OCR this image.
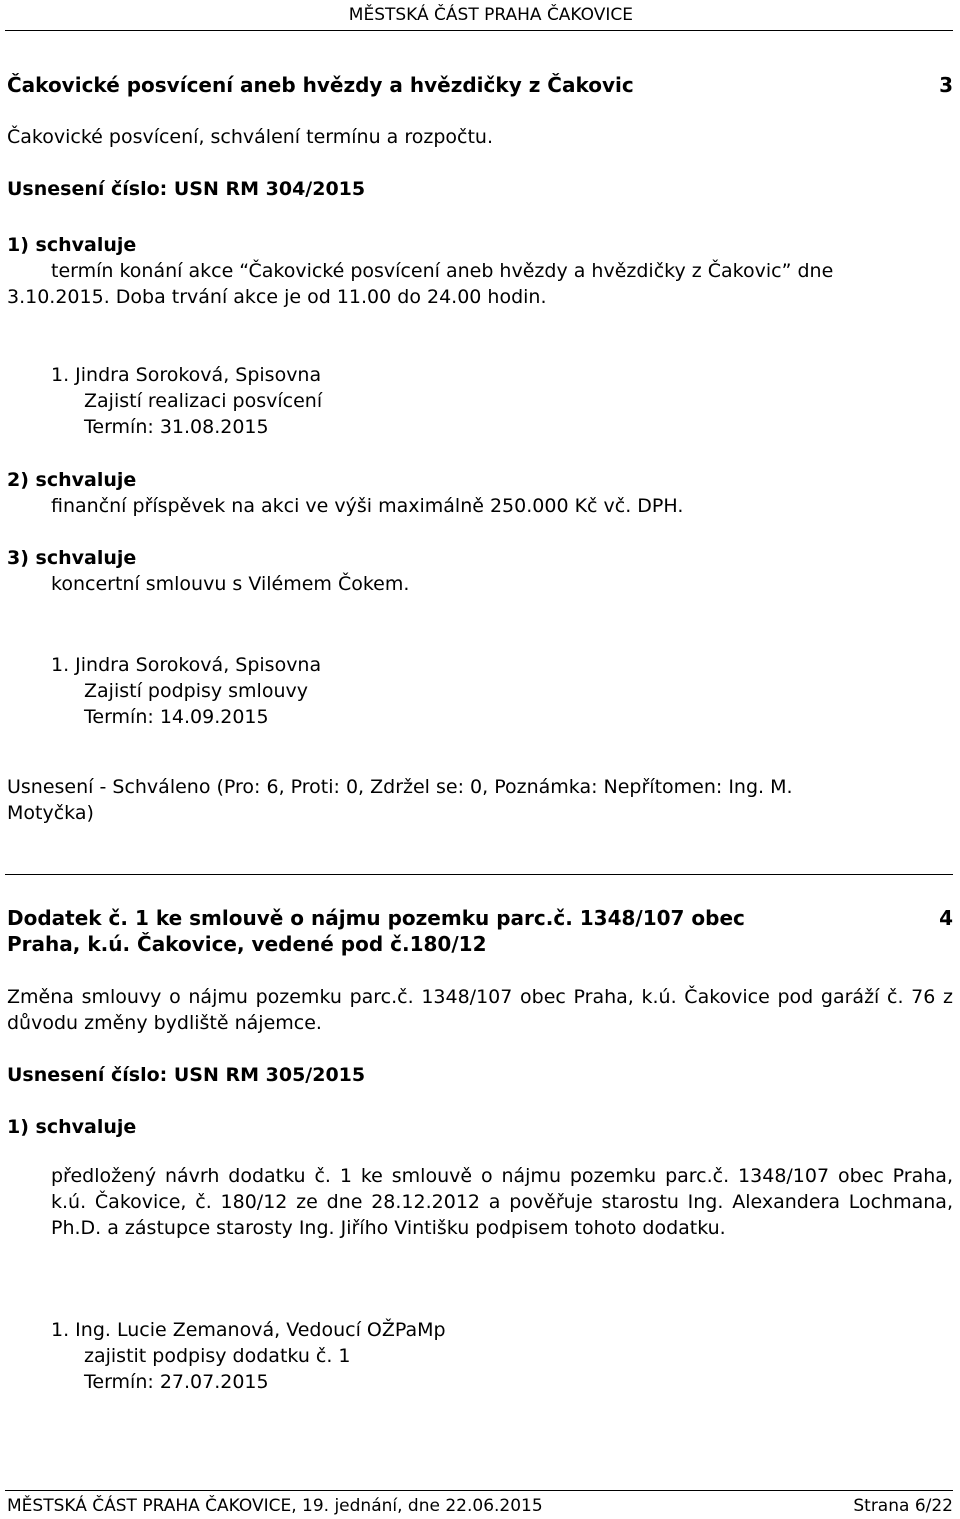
MĚSTSKÁ ČÁST PRAHA ČAKOVICE
Čakovické posvícení aneb hvězdy a hvězdičky z Čakovic	3
Čakovické posvícení, schválení termínu a rozpočtu.
Usnesení číslo: USN RM 304/2015
1) schvaluje
termín konání akce “Čakovické posvícení aneb hvězdy a hvězdičky z Čakovic” dne
3.10.2015. Doba trvání akce je od 11.00 do 24.00 hodin.
1. Jindra Soroková, Spisovna
Zajistí realizaci posvícení
Termín: 31.08.2015
2) schvaluje
finanční příspěvek na akci ve výši maximálně 250.000 Kč vč. DPH.
3) schvaluje
koncertní smlouvu s Vilémem Čokem.
1. Jindra Soroková, Spisovna
Zajistí podpisy smlouvy
Termín: 14.09.2015
Usnesení - Schváleno (Pro: 6, Proti: 0, Zdržel se: 0, Poznámka: Nepřítomen: Ing. M.
Motyčka)
Dodatek č. 1 ke smlouvě o nájmu pozemku parc.č. 1348/107 obec
Praha, k.ú. Čakovice, vedené pod č.180/12
4
Změna smlouvy o nájmu pozemku parc.č. 1348/107 obec Praha, k.ú. Čakovice pod garáží č. 76 z důvodu změny bydliště nájemce.
Usnesení číslo: USN RM 305/2015
1) schvaluje
předložený návrh dodatku č. 1 ke smlouvě o nájmu pozemku parc.č. 1348/107 obec Praha, k.ú. Čakovice, č. 180/12 ze dne 28.12.2012 a pověřuje starostu Ing. Alexandera Lochmana, Ph.D. a zástupce starosty Ing. Jiřího Vintišku podpisem tohoto dodatku.
1. Ing. Lucie Zemanová, Vedoucí OŽPaMp
zajistit podpisy dodatku č. 1
Termín: 27.07.2015
MĚSTSKÁ ČÁST PRAHA ČAKOVICE, 19. jednání, dne 22.06.2015	Strana 6/22
